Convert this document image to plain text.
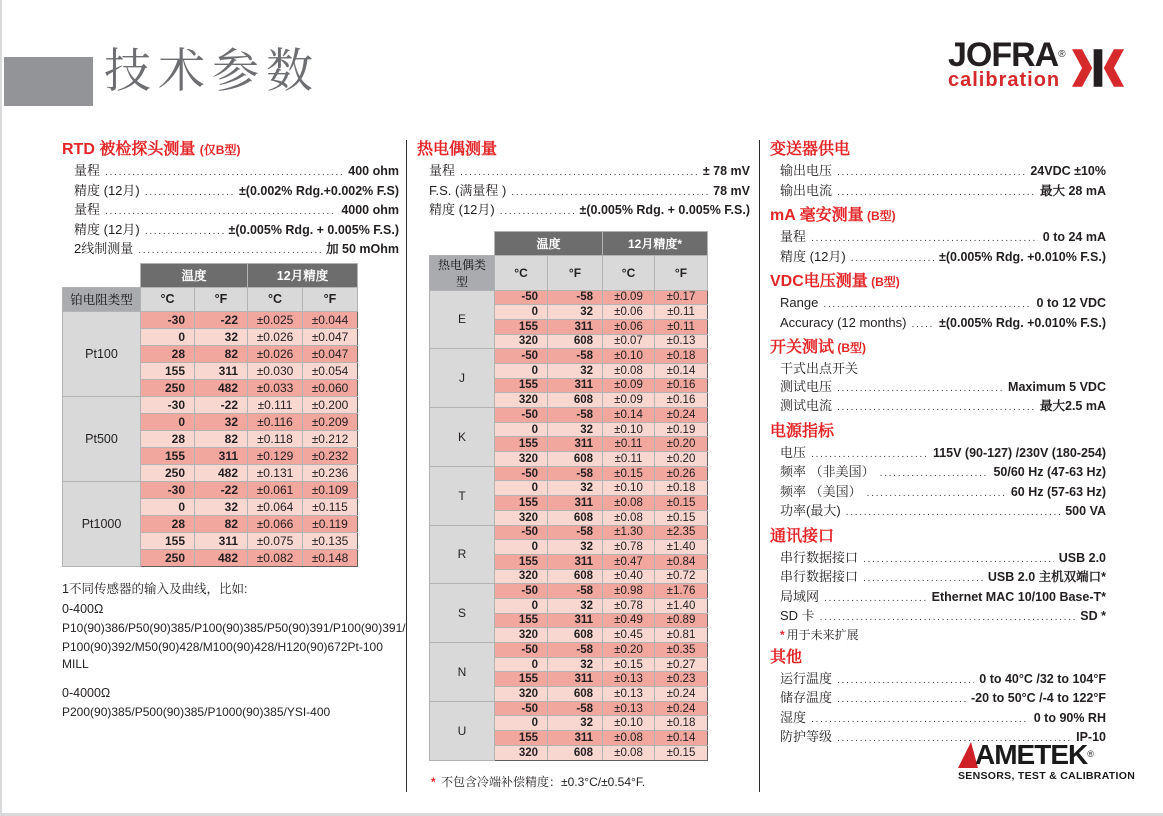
技术参数	JOFRA®
calibration
RTD 被检探头测量 (仅B型)
量程 .....	400 ohm
精度 (12月) .....	±(0.002% Rdg.+0.002% F.S)
量程 .....	4000 ohm
精度 (12月) .....	±(0.005% Rdg. + 0.005% F.S.)
2线制测量 .....	加 50 mOhm
	温度		12月精度	
铂电阻类型	°C	°F	°C	°F
Pt100	-30	-22	±0.025	±0.044
	0	32	±0.026	±0.047
	28	82	±0.026	±0.047
	155	311	±0.030	±0.054
	250	482	±0.033	±0.060
Pt500	-30	-22	±0.111	±0.200
	0	32	±0.116	±0.209
	28	82	±0.118	±0.212
	155	311	±0.129	±0.232
	250	482	±0.131	±0.236
Pt1000	-30	-22	±0.061	±0.109
	0	32	±0.064	±0.115
	28	82	±0.066	±0.119
	155	311	±0.075	±0.135
	250	482	±0.082	±0.148
1不同传感器的输入及曲线，比如:
0-400Ω
P10(90)386/P50(90)385/P100(90)385/P50(90)391/P100(90)391/
P100(90)392/M50(90)428/M100(90)428/H120(90)672Pt-100 MILL
0-4000Ω
P200(90)385/P500(90)385/P1000(90)385/YSI-400
热电偶测量
量程 .....	± 78 mV
F.S. (满量程 ) .....	78 mV
精度 (12月) .....	±(0.005% Rdg. + 0.005% F.S.)
	温度		12月精度*	
热电偶类型	°C	°F	°C	°F
E	-50	-58	±0.09	±0.17
	0	32	±0.06	±0.11
	155	311	±0.06	±0.11
	320	608	±0.07	±0.13
J	-50	-58	±0.10	±0.18
	0	32	±0.08	±0.14
	155	311	±0.09	±0.16
	320	608	±0.09	±0.16
K	-50	-58	±0.14	±0.24
	0	32	±0.10	±0.19
	155	311	±0.11	±0.20
	320	608	±0.11	±0.20
T	-50	-58	±0.15	±0.26
	0	32	±0.10	±0.18
	155	311	±0.08	±0.15
	320	608	±0.08	±0.15
R	-50	-58	±1.30	±2.35
	0	32	±0.78	±1.40
	155	311	±0.47	±0.84
	320	608	±0.40	±0.72
S	-50	-58	±0.98	±1.76
	0	32	±0.78	±1.40
	155	311	±0.49	±0.89
	320	608	±0.45	±0.81
N	-50	-58	±0.20	±0.35
	0	32	±0.15	±0.27
	155	311	±0.13	±0.23
	320	608	±0.13	±0.24
U	-50	-58	±0.13	±0.24
	0	32	±0.10	±0.18
	155	311	±0.08	±0.14
	320	608	±0.08	±0.15
* 不包含冷端补偿精度：±0.3°C/±0.54°F.
变送器供电
输出电压 .....	24VDC ±10%
输出电流 .....	最大 28 mA
mA 毫安测量 (B型)
量程 .....	0 to 24 mA
精度 (12月) .....	±(0.005% Rdg. +0.010% F.S.)
VDC电压测量 (B型)
Range .....	0 to 12 VDC
Accuracy (12 months) .....	±(0.005% Rdg. +0.010% F.S.)
开关测试 (B型)
干式出点开关
测试电压 .....	Maximum 5 VDC
测试电流 .....	最大2.5 mA
电源指标
电压 .....	115V (90-127) /230V (180-254)
频率 （非美国） .....	50/60 Hz (47-63 Hz)
频率 （美国） .....	60 Hz (57-63 Hz)
功率(最大) .....	500 VA
通讯接口
串行数据接口 .....	USB 2.0
串行数据接口 .....	USB 2.0 主机双端口*
局域网 .....	Ethernet MAC 10/100 Base-T*
SD 卡 .....	SD *
* 用于未来扩展
其他
运行温度 .....	0 to 40°C /32 to 104°F
储存温度 .....	-20 to 50°C /-4 to 122°F
湿度 .....	0 to 90% RH
防护等级 .....	IP-10
AMETEK®
SENSORS, TEST & CALIBRATION
